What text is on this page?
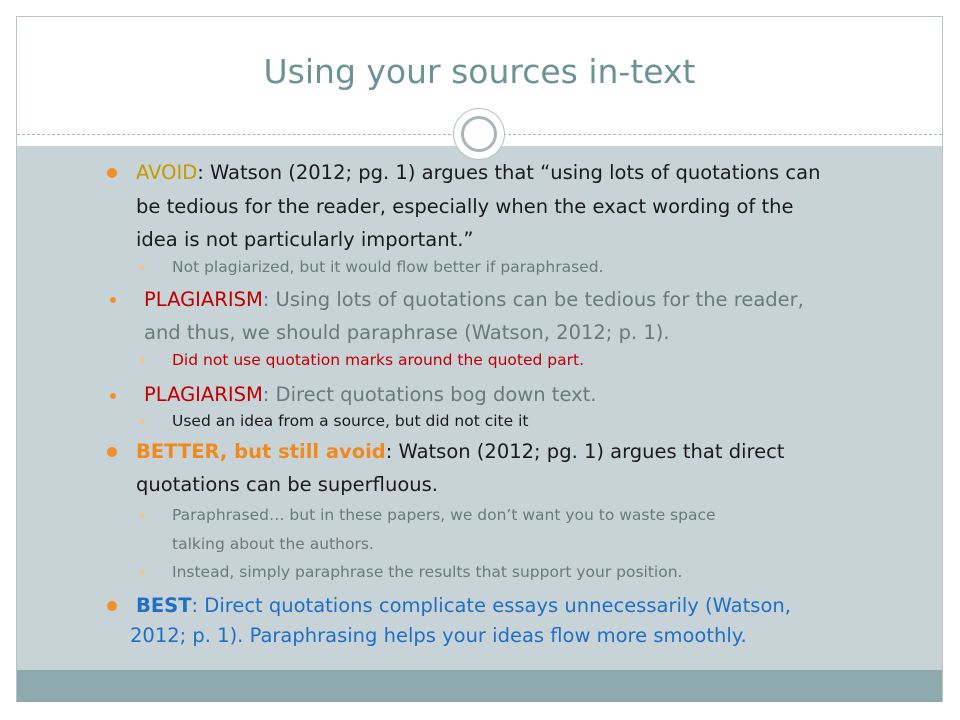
Using your sources in-text
AVOID: Watson (2012; pg. 1) argues that “using lots of quotations can
be tedious for the reader, especially when the exact wording of the
idea is not particularly important.”
Not plagiarized, but it would flow better if paraphrased.
PLAGIARISM: Using lots of quotations can be tedious for the reader,
and thus, we should paraphrase (Watson, 2012; p. 1).
Did not use quotation marks around the quoted part.
PLAGIARISM: Direct quotations bog down text.
Used an idea from a source, but did not cite it
BETTER, but still avoid: Watson (2012; pg. 1) argues that direct
quotations can be superfluous.
Paraphrased… but in these papers, we don’t want you to waste space
talking about the authors.
Instead, simply paraphrase the results that support your position.
BEST: Direct quotations complicate essays unnecessarily (Watson,
2012; p. 1). Paraphrasing helps your ideas flow more smoothly.
